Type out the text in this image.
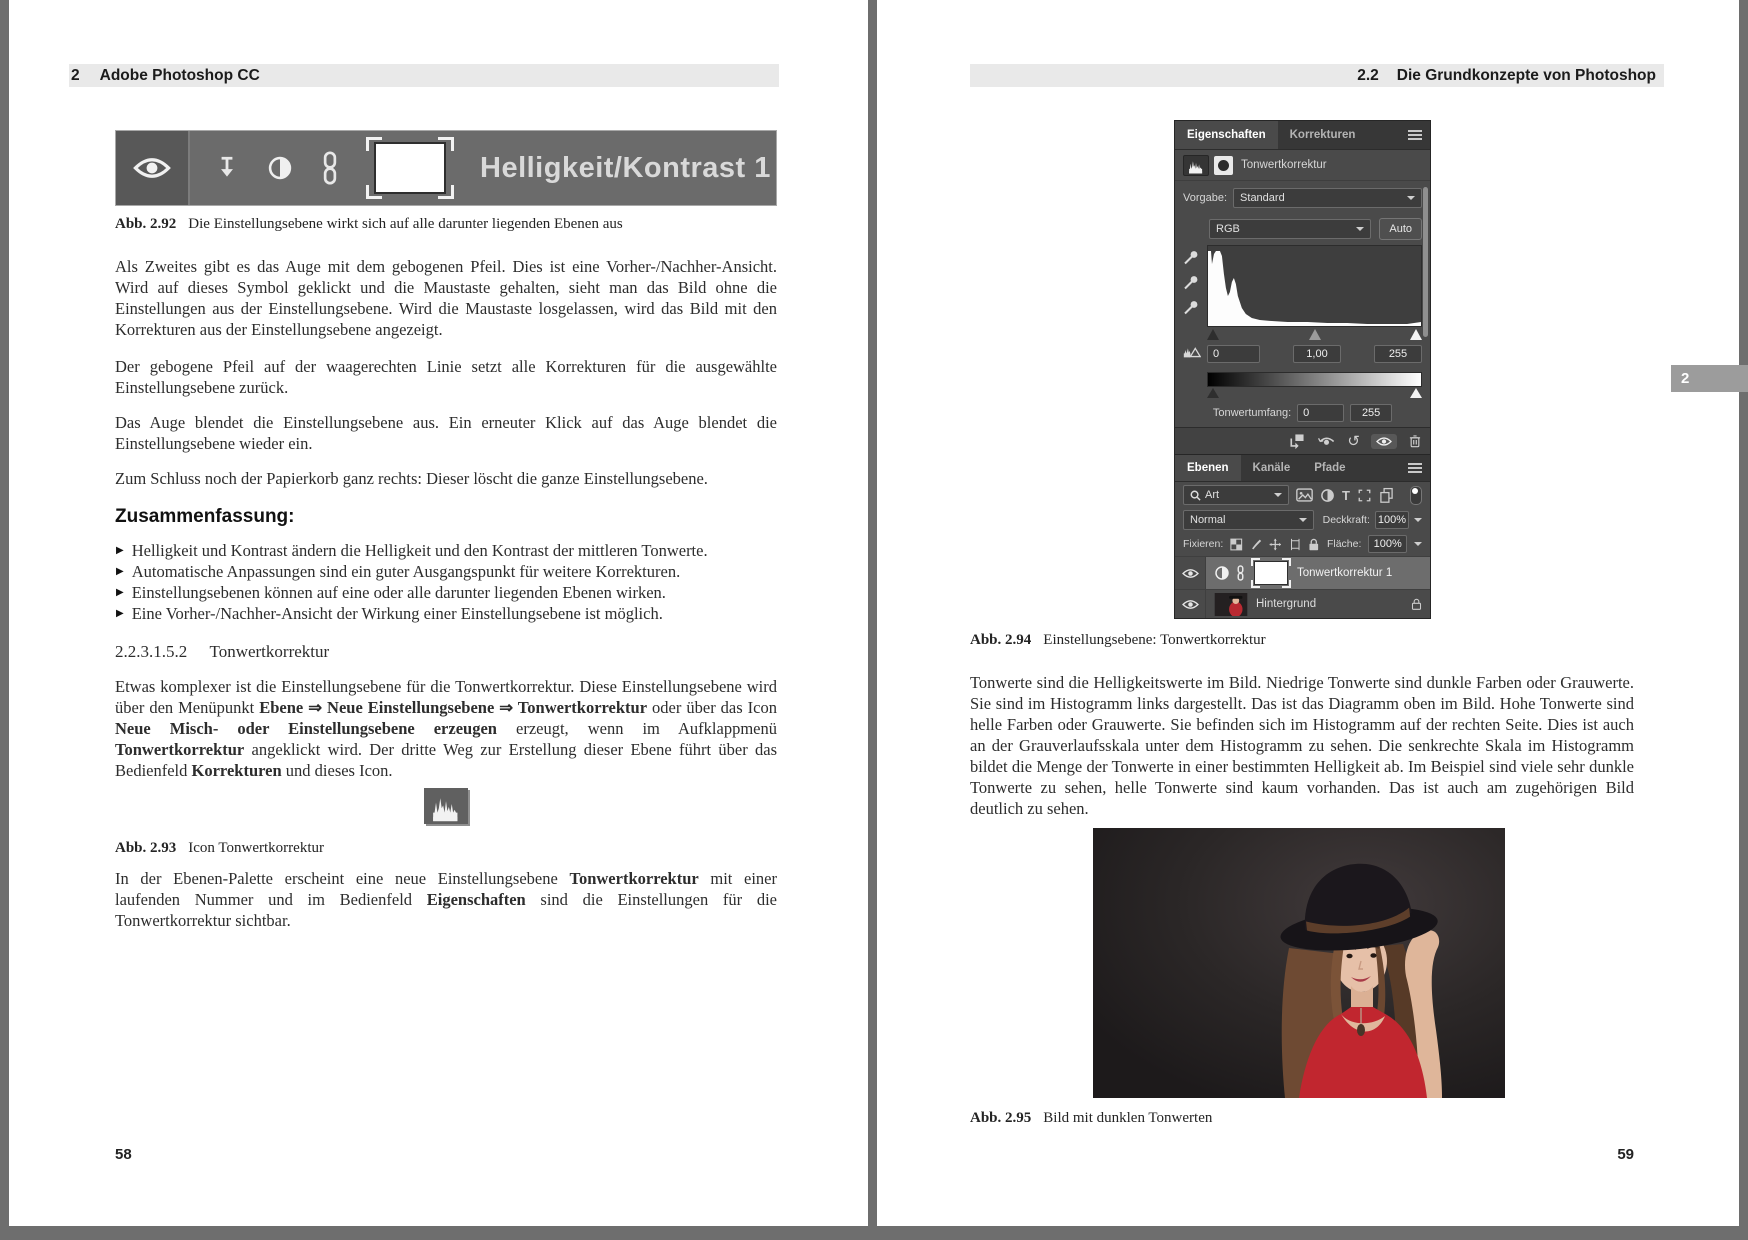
2 Adobe Photoshop CC
Helligkeit/Kontrast 1
Abb. 2.92 Die Einstellungsebene wirkt sich auf alle darunter liegenden Ebenen aus
Als Zweites gibt es das Auge mit dem gebogenen Pfeil. Dies ist eine Vorher-/Nachher-Ansicht. Wird auf dieses Symbol geklickt und die Maustaste gehalten, sieht man das Bild ohne die Einstellungen aus der Einstellungsebene. Wird die Maustaste losgelassen, wird das Bild mit den Korrekturen aus der Einstellungsebene angezeigt.
Der gebogene Pfeil auf der waagerechten Linie setzt alle Korrekturen für die ausgewählte Einstellungsebene zurück.
Das Auge blendet die Einstellungsebene aus. Ein erneuter Klick auf das Auge blendet die Einstellungsebene wieder ein.
Zum Schluss noch der Papierkorb ganz rechts: Dieser löscht die ganze Einstellungsebene.
Zusammenfassung:
▶ Helligkeit und Kontrast ändern die Helligkeit und den Kontrast der mittleren Tonwerte.
▶ Automatische Anpassungen sind ein guter Ausgangspunkt für weitere Korrekturen.
▶ Einstellungsebenen können auf eine oder alle darunter liegenden Ebenen wirken.
▶ Eine Vorher-/Nachher-Ansicht der Wirkung einer Einstellungsebene ist möglich.
2.2.3.1.5.2 Tonwertkorrektur
Etwas komplexer ist die Einstellungsebene für die Tonwertkorrektur. Diese Einstellungsebene wird über den Menüpunkt Ebene ⇒ Neue Einstellungsebene ⇒ Tonwertkorrektur oder über das Icon Neue Misch- oder Einstellungsebene erzeugen erzeugt, wenn im Aufklappmenü Tonwertkorrektur angeklickt wird. Der dritte Weg zur Erstellung dieser Ebene führt über das Bedienfeld Korrekturen und dieses Icon.
Abb. 2.93 Icon Tonwertkorrektur
In der Ebenen-Palette erscheint eine neue Einstellungsebene Tonwertkorrektur mit einer laufenden Nummer und im Bedienfeld Eigenschaften sind die Einstellungen für die Tonwertkorrektur sichtbar.
58
2.2 Die Grundkonzepte von Photoshop
2
Eigenschaften	Korrekturen
Tonwertkorrektur
Vorgabe: Standard
RGB	Auto
0	1,00	255
Tonwertumfang:	0	255
↺
Ebenen	Kanäle	Pfade
Art	T
Normal	Deckkraft: 100%
Fixieren:	Fläche:	100%
Tonwertkorrektur 1
Hintergrund
Abb. 2.94 Einstellungsebene: Tonwertkorrektur
Tonwerte sind die Helligkeitswerte im Bild. Niedrige Tonwerte sind dunkle Farben oder Grauwerte. Sie sind im Histogramm links dargestellt. Das ist das Diagramm oben im Bild. Hohe Tonwerte sind helle Farben oder Grauwerte. Sie befinden sich im Histogramm auf der rechten Seite. Dies ist auch an der Grauverlaufsskala unter dem Histogramm zu sehen. Die senkrechte Skala im Histogramm bildet die Menge der Tonwerte in einer bestimmten Helligkeit ab. Im Beispiel sind viele sehr dunkle Tonwerte zu sehen, helle Tonwerte sind kaum vorhanden. Das ist auch am zugehörigen Bild deutlich zu sehen.
Abb. 2.95 Bild mit dunklen Tonwerten
59
